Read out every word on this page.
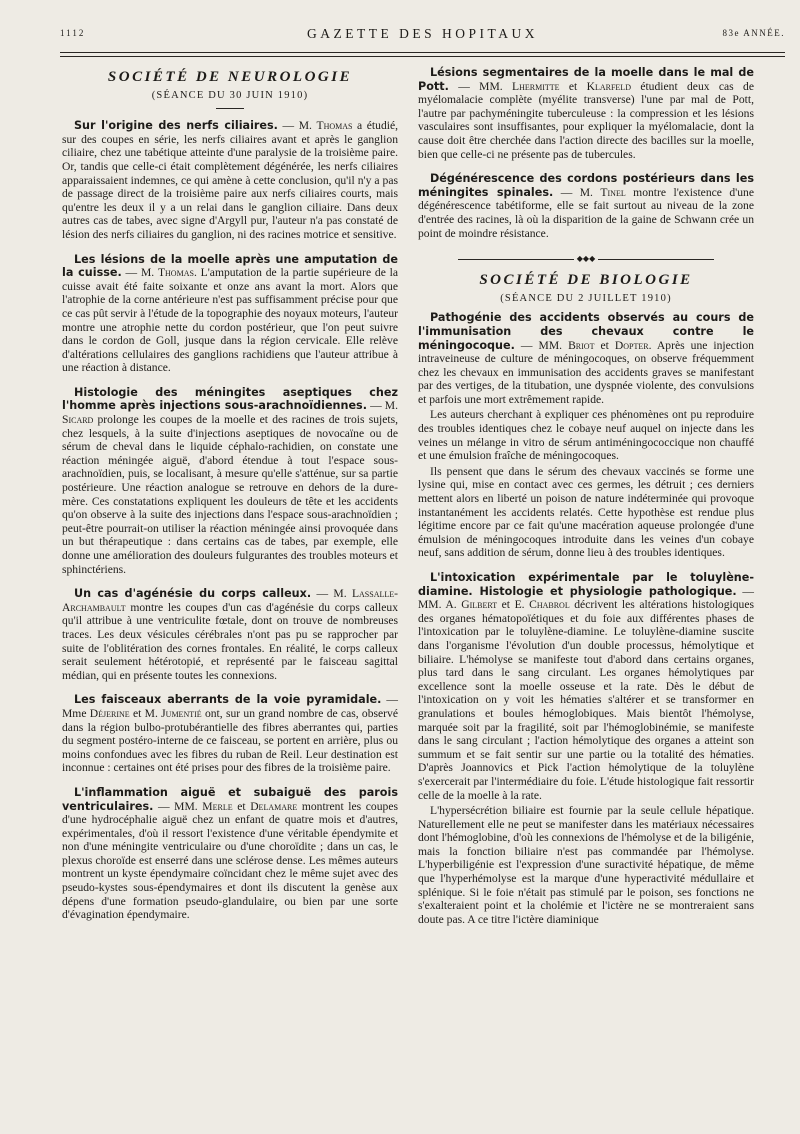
1112	GAZETTE DES HOPITAUX	83e ANNÉE.
SOCIÉTÉ DE NEUROLOGIE
(SÉANCE DU 30 JUIN 1910)

Sur l'origine des nerfs ciliaires. — M. Thomas a étudié, sur des coupes en série, les nerfs ciliaires avant et après le ganglion ciliaire, chez une tabétique atteinte d'une paralysie de la troisième paire. Or, tandis que celle-ci était complètement dégénérée, les nerfs ciliaires apparaissaient indemnes, ce qui amène à cette conclusion, qu'il n'y a pas de passage direct de la troisième paire aux nerfs ciliaires courts, mais qu'entre les deux il y a un relai dans le ganglion ciliaire. Dans deux autres cas de tabes, avec signe d'Argyll pur, l'auteur n'a pas constaté de lésion des nerfs ciliaires du ganglion, ni des racines motrice et sensitive.

Les lésions de la moelle après une amputation de la cuisse. — M. Thomas. L'amputation de la partie supérieure de la cuisse avait été faite soixante et onze ans avant la mort. Alors que l'atrophie de la corne antérieure n'est pas suffisamment précise pour que ce cas pût servir à l'étude de la topographie des noyaux moteurs, l'auteur montre une atrophie nette du cordon postérieur, que l'on peut suivre dans le cordon de Goll, jusque dans la région cervicale. Elle relève d'altérations cellulaires des ganglions rachidiens que l'auteur attribue à une réaction à distance.

Histologie des méningites aseptiques chez l'homme après injections sous-arachnoïdiennes. — M. Sicard prolonge les coupes de la moelle et des racines de trois sujets, chez lesquels, à la suite d'injections aseptiques de novocaïne ou de sérum de cheval dans le liquide céphalo-rachidien, on constate une réaction méningée aiguë, d'abord étendue à tout l'espace sous-arachnoïdien, puis, se localisant, à mesure qu'elle s'atténue, sur sa partie postérieure. Une réaction analogue se retrouve en dehors de la dure-mère. Ces constatations expliquent les douleurs de tête et les accidents qu'on observe à la suite des injections dans l'espace sous-arachnoïdien ; peut-être pourrait-on utiliser la réaction méningée ainsi provoquée dans un but thérapeutique : dans certains cas de tabes, par exemple, elle donne une amélioration des douleurs fulgurantes des troubles moteurs et sphinctériens.

Un cas d'agénésie du corps calleux. — M. Lassalle-Archambault montre les coupes d'un cas d'agénésie du corps calleux qu'il attribue à une ventriculite fœtale, dont on trouve de nombreuses traces. Les deux vésicules cérébrales n'ont pas pu se rapprocher par suite de l'oblitération des cornes frontales. En réalité, le corps calleux serait seulement hétérotopié, et représenté par le faisceau sagittal médian, qui en présente toutes les connexions.

Les faisceaux aberrants de la voie pyramidale. — Mme Déjerine et M. Jumentié ont, sur un grand nombre de cas, observé dans la région bulbo-protubérantielle des fibres aberrantes qui, parties du segment postéro-interne de ce faisceau, se portent en arrière, plus ou moins confondues avec les fibres du ruban de Reil. Leur destination est inconnue : certaines ont été prises pour des fibres de la troisième paire.

L'inflammation aiguë et subaiguë des parois ventriculaires. — MM. Merle et Delamare montrent les coupes d'une hydrocéphalie aiguë chez un enfant de quatre mois et d'autres, expérimentales, d'où il ressort l'existence d'une véritable épendymite et non d'une méningite ventriculaire ou d'une choroïdite ; dans un cas, le plexus choroïde est enserré dans une sclérose dense. Les mêmes auteurs montrent un kyste épendymaire coïncidant chez le même sujet avec des pseudo-kystes sous-épendymaires et dont ils discutent la genèse aux dépens d'une formation pseudo-glandulaire, ou bien par une sorte d'évagination épendymaire.

Lésions segmentaires de la moelle dans le mal de Pott. — MM. Lhermitte et Klarfeld étudient deux cas de myélomalacie complète (myélite transverse) l'une par mal de Pott, l'autre par pachyméningite tuberculeuse : la compression et les lésions vasculaires sont insuffisantes, pour expliquer la myélomalacie, dont la cause doit être cherchée dans l'action directe des bacilles sur la moelle, bien que celle-ci ne présente pas de tubercules.

Dégénérescence des cordons postérieurs dans les méningites spinales. — M. Tinel montre l'existence d'une dégénérescence tabétiforme, elle se fait surtout au niveau de la zone d'entrée des racines, là où la disparition de la gaine de Schwann crée un point de moindre résistance.

◆◆◆
SOCIÉTÉ DE BIOLOGIE
(SÉANCE DU 2 JUILLET 1910)

Pathogénie des accidents observés au cours de l'immunisation des chevaux contre le méningocoque. — MM. Briot et Dopter. Après une injection intraveineuse de culture de méningocoques, on observe fréquemment chez les chevaux en immunisation des accidents graves se manifestant par des vertiges, de la titubation, une dyspnée violente, des convulsions et parfois une mort extrêmement rapide.

Les auteurs cherchant à expliquer ces phénomènes ont pu reproduire des troubles identiques chez le cobaye neuf auquel on injecte dans les veines un mélange in vitro de sérum antiméningococcique non chauffé et une émulsion fraîche de méningocoques.

Ils pensent que dans le sérum des chevaux vaccinés se forme une lysine qui, mise en contact avec ces germes, les détruit ; ces derniers mettent alors en liberté un poison de nature indéterminée qui provoque instantanément les accidents relatés. Cette hypothèse est rendue plus légitime encore par ce fait qu'une macération aqueuse prolongée d'une émulsion de méningocoques introduite dans les veines d'un cobaye neuf, sans addition de sérum, donne lieu à des troubles identiques.

L'intoxication expérimentale par le toluylène-diamine. Histologie et physiologie pathologique. — MM. A. Gilbert et E. Chabrol décrivent les altérations histologiques des organes hématopoïétiques et du foie aux différentes phases de l'intoxication par le toluylène-diamine. Le toluylène-diamine suscite dans l'organisme l'évolution d'un double processus, hémolytique et biliaire. L'hémolyse se manifeste tout d'abord dans certains organes, plus tard dans le sang circulant. Les organes hémolytiques par excellence sont la moelle osseuse et la rate. Dès le début de l'intoxication on y voit les hématies s'altérer et se transformer en granulations et boules hémoglobiques. Mais bientôt l'hémolyse, marquée soit par la fragilité, soit par l'hémoglobinémie, se manifeste dans le sang circulant ; l'action hémolytique des organes a atteint son summum et se fait sentir sur une partie ou la totalité des hématies. D'après Joannovics et Pick l'action hémolytique de la toluylène s'exercerait par l'intermédiaire du foie. L'étude histologique fait ressortir celle de la moelle à la rate.

L'hypersécrétion biliaire est fournie par la seule cellule hépatique. Naturellement elle ne peut se manifester dans les matériaux nécessaires dont l'hémoglobine, d'où les connexions de l'hémolyse et de la biligénie, mais la fonction biliaire n'est pas commandée par l'hémolyse. L'hyperbiligénie est l'expression d'une suractivité hépatique, de même que l'hyperhémolyse est la marque d'une hyperactivité médullaire et splénique. Si le foie n'était pas stimulé par le poison, ses fonctions ne s'exalteraient point et la cholémie et l'ictère ne se montreraient sans doute pas. A ce titre l'ictère diaminique
